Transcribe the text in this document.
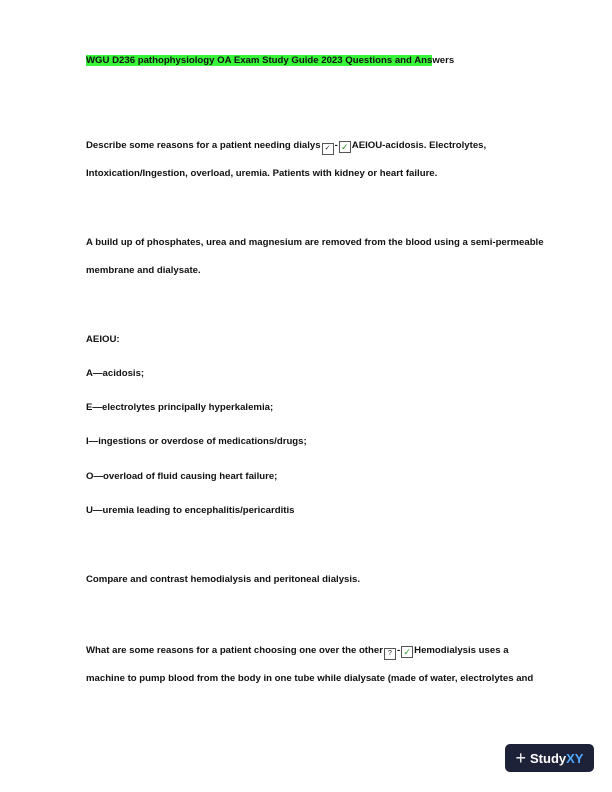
WGU D236 pathophysiology OA Exam Study Guide 2023 Questions and Answers

Describe some reasons for a patient needing dialys ✓ - ✓ AEIOU-acidosis. Electrolytes,

Intoxication/Ingestion, overload, uremia. Patients with kidney or heart failure.

A build up of phosphates, urea and magnesium are removed from the blood using a semi-permeable

membrane and dialysate.

AEIOU:

A—acidosis;

E—electrolytes principally hyperkalemia;

I—ingestions or overdose of medications/drugs;

O—overload of fluid causing heart failure;

U—uremia leading to encephalitis/pericarditis

Compare and contrast hemodialysis and peritoneal dialysis.

What are some reasons for a patient choosing one over the other ? - ✓ Hemodialysis uses a

machine to pump blood from the body in one tube while dialysate (made of water, electrolytes and

+ Study XY
